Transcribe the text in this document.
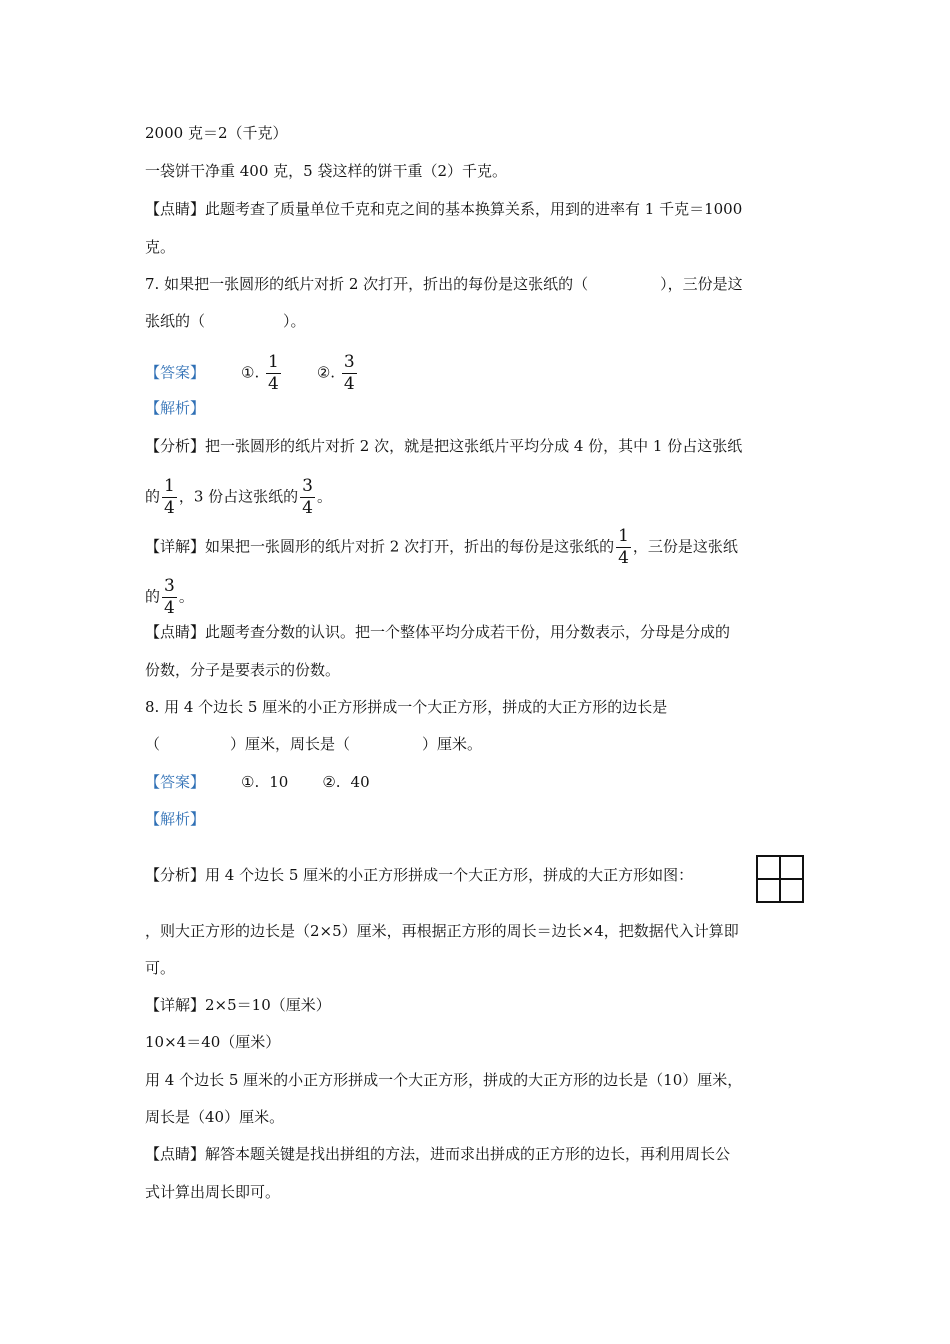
2000 克＝2（千克）
一袋饼干净重 400 克，5 袋这样的饼干重（2）千克。
【点睛】此题考查了质量单位千克和克之间的基本换算关系，用到的进率有 1 千克＝1000
克。
7. 如果把一张圆形的纸片对折 2 次打开，折出的每份是这张纸的（	），三份是这
张纸的（	）。
【答案】 ①. $\frac{1}{4}$ ②. $\frac{3}{4}$
【解析】
【分析】把一张圆形的纸片对折 2 次，就是把这张纸片平均分成 4 份，其中 1 份占这张纸
的 $\frac{1}{4}$ ，3 份占这张纸的 $\frac{3}{4}$ 。
【详解】如果把一张圆形的纸片对折 2 次打开，折出的每份是这张纸的 $\frac{1}{4}$ ，三份是这张纸
的 $\frac{3}{4}$ 。
【点睛】此题考查分数的认识。把一个整体平均分成若干份，用分数表示，分母是分成的
份数，分子是要表示的份数。
8. 用 4 个边长 5 厘米的小正方形拼成一个大正方形，拼成的大正方形的边长是
（	）厘米，周长是（	）厘米。
【答案】 ①. 10 ②. 40
【解析】
【分析】用 4 个边长 5 厘米的小正方形拼成一个大正方形，拼成的大正方形如图：
，则大正方形的边长是（2×5）厘米，再根据正方形的周长＝边长×4，把数据代入计算即
可。
【详解】2×5＝10（厘米）
10×4＝40（厘米）
用 4 个边长 5 厘米的小正方形拼成一个大正方形，拼成的大正方形的边长是（10）厘米，
周长是（40）厘米。
【点睛】解答本题关键是找出拼组的方法，进而求出拼成的正方形的边长，再利用周长公
式计算出周长即可。
